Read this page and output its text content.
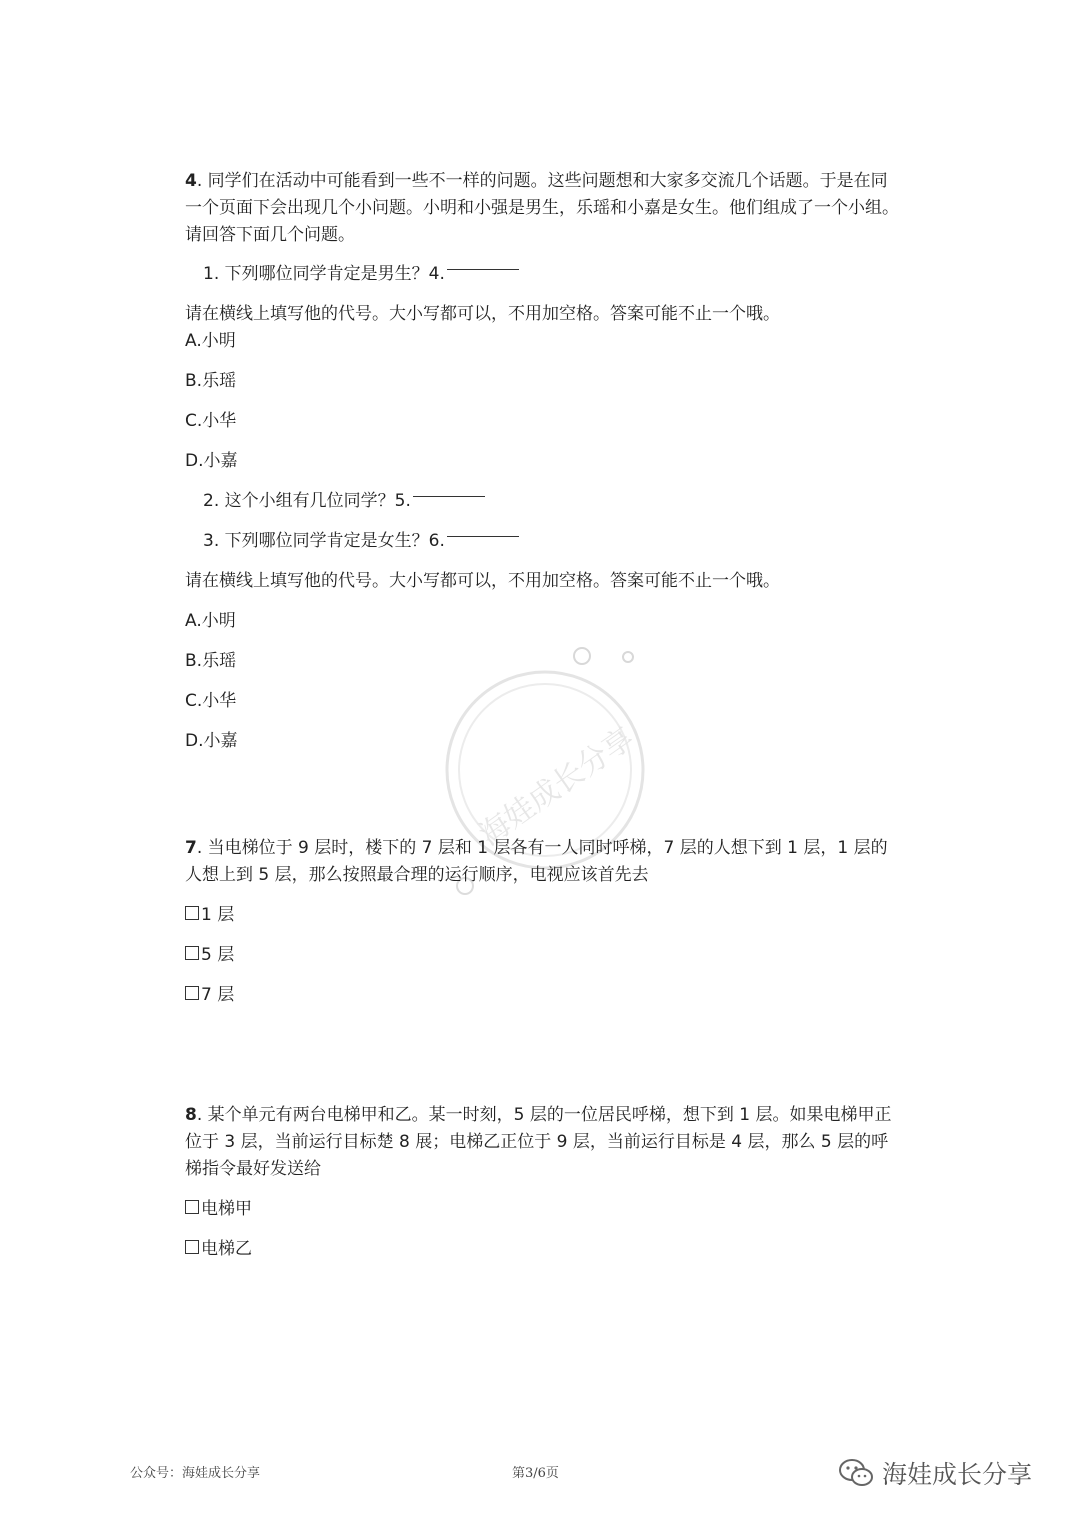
海娃成长分享
4. 同学们在活动中可能看到一些不一样的问题。这些问题想和大家多交流几个话题。于是在同一个页面下会出现几个小问题。小明和小强是男生，乐瑶和小嘉是女生。他们组成了一个小组。请回答下面几个问题。
1. 下列哪位同学肯定是男生？4.
请在横线上填写他的代号。大小写都可以，不用加空格。答案可能不止一个哦。
A.小明
B.乐瑶
C.小华
D.小嘉
2. 这个小组有几位同学？5.
3. 下列哪位同学肯定是女生？6.
请在横线上填写他的代号。大小写都可以，不用加空格。答案可能不止一个哦。
A.小明
B.乐瑶
C.小华
D.小嘉
7. 当电梯位于 9 层时，楼下的 7 层和 1 层各有一人同时呼梯，7 层的人想下到 1 层，1 层的人想上到 5 层，那么按照最合理的运行顺序，电视应该首先去
1 层
5 层
7 层
8. 某个单元有两台电梯甲和乙。某一时刻，5 层的一位居民呼梯，想下到 1 层。如果电梯甲正位于 3 层，当前运行目标楚 8 展；电梯乙正位于 9 层，当前运行目标是 4 层，那么 5 层的呼梯指令最好发送给
电梯甲
电梯乙
公众号：海娃成长分享	第3/6页	海娃成长分享
